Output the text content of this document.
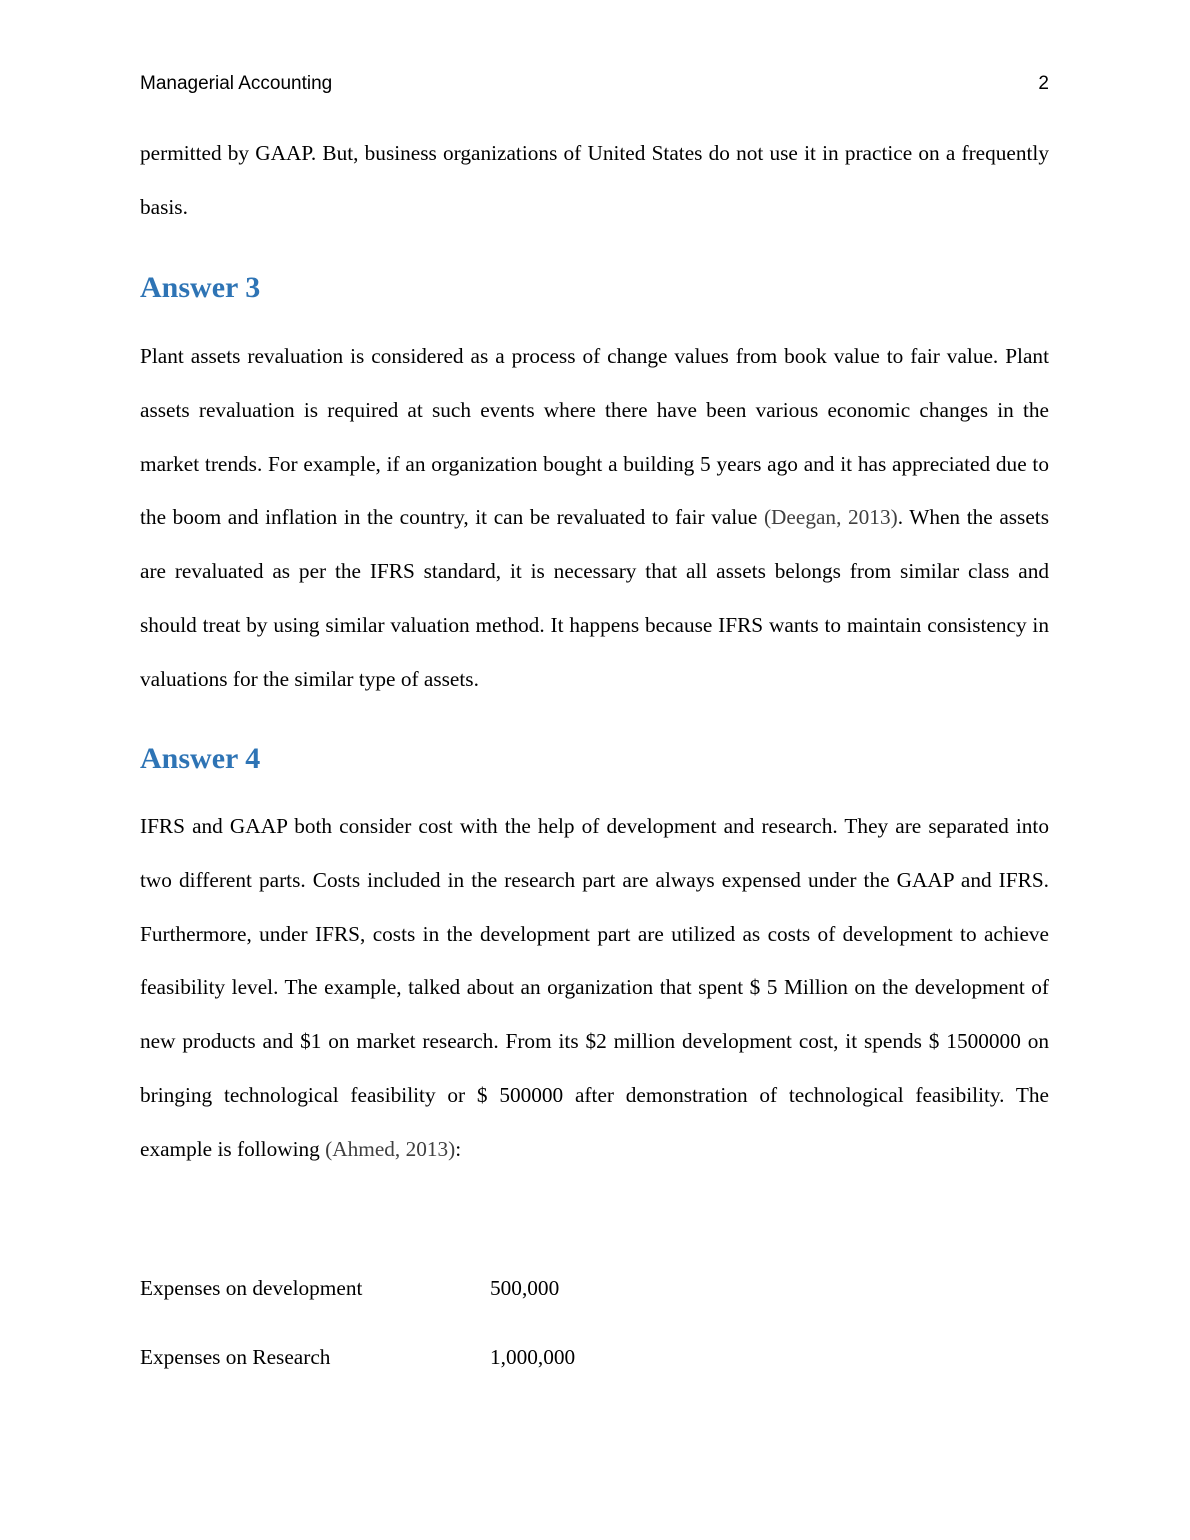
Managerial Accounting	2

permitted by GAAP. But, business organizations of United States do not use it in practice on a frequently basis.

Answer 3

Plant assets revaluation is considered as a process of change values from book value to fair value. Plant assets revaluation is required at such events where there have been various economic changes in the market trends. For example, if an organization bought a building 5 years ago and it has appreciated due to the boom and inflation in the country, it can be revaluated to fair value (Deegan, 2013). When the assets are revaluated as per the IFRS standard, it is necessary that all assets belongs from similar class and should treat by using similar valuation method. It happens because IFRS wants to maintain consistency in valuations for the similar type of assets.

Answer 4

IFRS and GAAP both consider cost with the help of development and research. They are separated into two different parts. Costs included in the research part are always expensed under the GAAP and IFRS. Furthermore, under IFRS, costs in the development part are utilized as costs of development to achieve feasibility level. The example, talked about an organization that spent $ 5 Million on the development of new products and $1 on market research. From its $2 million development cost, it spends $ 1500000 on bringing technological feasibility or $ 500000 after demonstration of technological feasibility. The example is following (Ahmed, 2013):

Expenses on development	500,000
Expenses on Research	1,000,000
